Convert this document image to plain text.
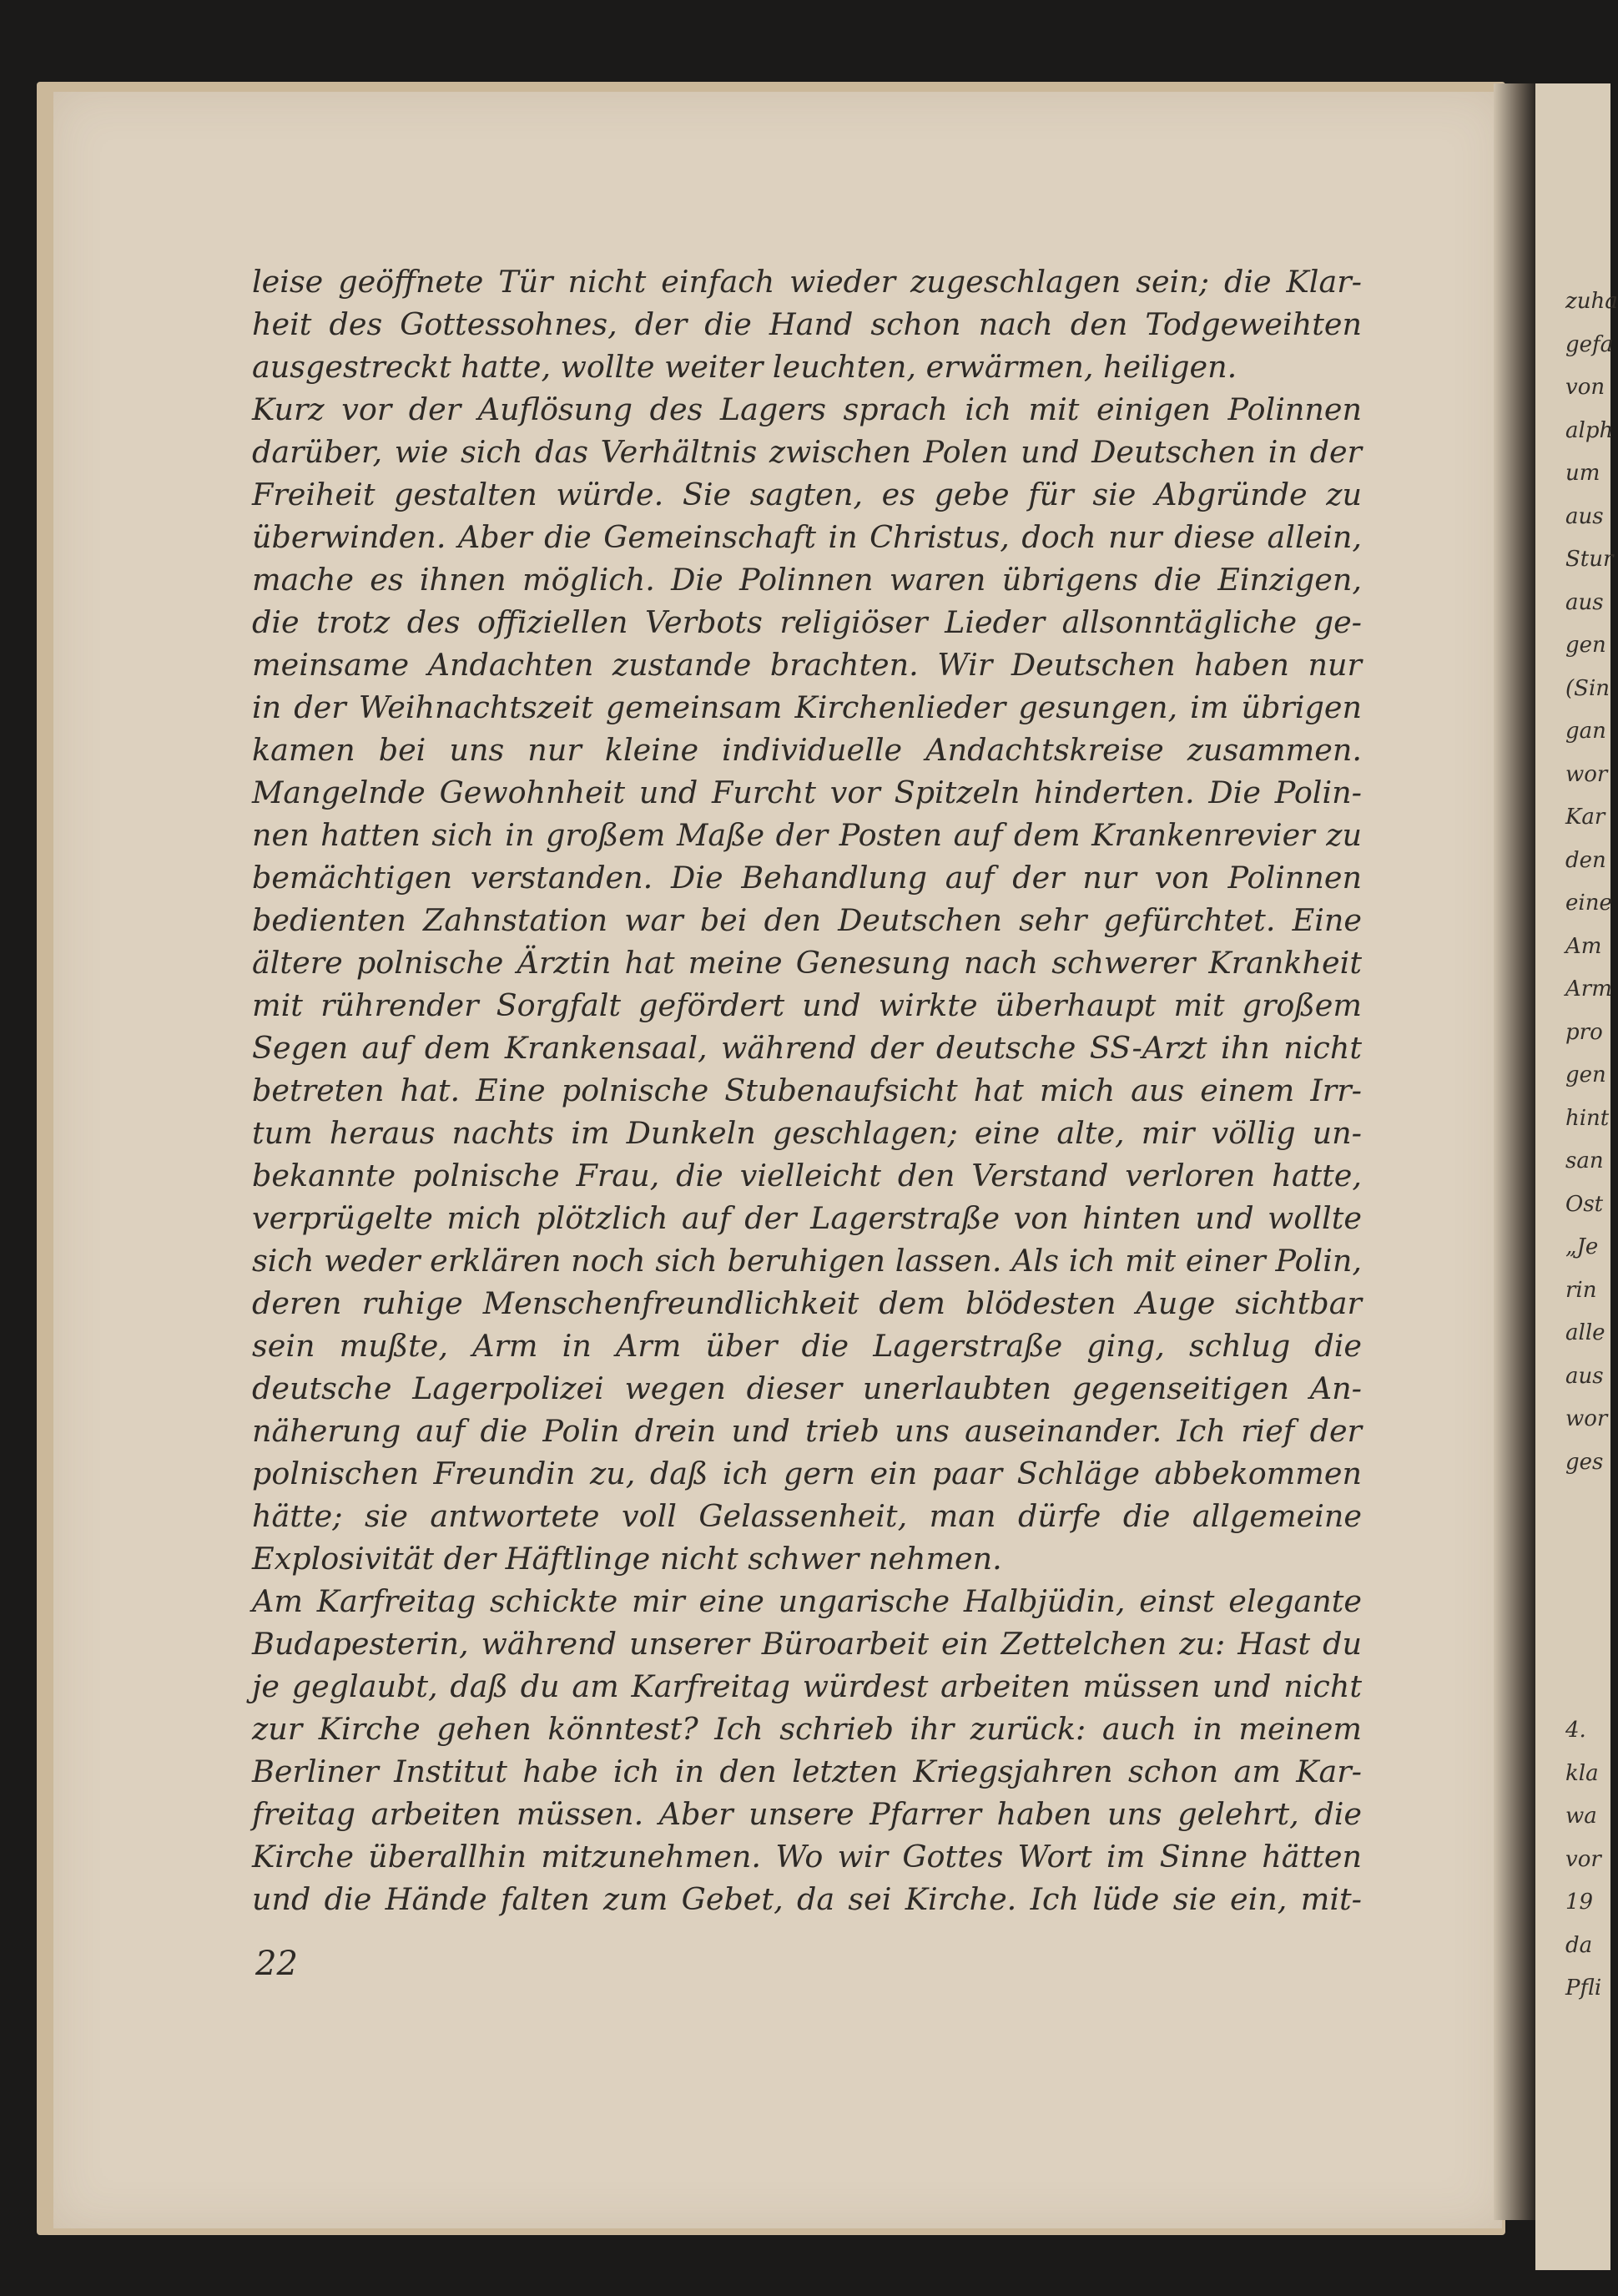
leise geöffnete Tür nicht einfach wieder zugeschlagen sein; die Klar-
heit des Gottessohnes, der die Hand schon nach den Todgeweihten
ausgestreckt hatte, wollte weiter leuchten, erwärmen, heiligen.
Kurz vor der Auflösung des Lagers sprach ich mit einigen Polinnen
darüber, wie sich das Verhältnis zwischen Polen und Deutschen in der
Freiheit gestalten würde. Sie sagten, es gebe für sie Abgründe zu
überwinden. Aber die Gemeinschaft in Christus, doch nur diese allein,
mache es ihnen möglich. Die Polinnen waren übrigens die Einzigen,
die trotz des offiziellen Verbots religiöser Lieder allsonntägliche ge-
meinsame Andachten zustande brachten. Wir Deutschen haben nur
in der Weihnachtszeit gemeinsam Kirchenlieder gesungen, im übrigen
kamen bei uns nur kleine individuelle Andachtskreise zusammen.
Mangelnde Gewohnheit und Furcht vor Spitzeln hinderten. Die Polin-
nen hatten sich in großem Maße der Posten auf dem Krankenrevier zu
bemächtigen verstanden. Die Behandlung auf der nur von Polinnen
bedienten Zahnstation war bei den Deutschen sehr gefürchtet. Eine
ältere polnische Ärztin hat meine Genesung nach schwerer Krankheit
mit rührender Sorgfalt gefördert und wirkte überhaupt mit großem
Segen auf dem Krankensaal, während der deutsche SS-Arzt ihn nicht
betreten hat. Eine polnische Stubenaufsicht hat mich aus einem Irr-
tum heraus nachts im Dunkeln geschlagen; eine alte, mir völlig un-
bekannte polnische Frau, die vielleicht den Verstand verloren hatte,
verprügelte mich plötzlich auf der Lagerstraße von hinten und wollte
sich weder erklären noch sich beruhigen lassen. Als ich mit einer Polin,
deren ruhige Menschenfreundlichkeit dem blödesten Auge sichtbar
sein mußte, Arm in Arm über die Lagerstraße ging, schlug die
deutsche Lagerpolizei wegen dieser unerlaubten gegenseitigen An-
näherung auf die Polin drein und trieb uns auseinander. Ich rief der
polnischen Freundin zu, daß ich gern ein paar Schläge abbekommen
hätte; sie antwortete voll Gelassenheit, man dürfe die allgemeine
Explosivität der Häftlinge nicht schwer nehmen.
Am Karfreitag schickte mir eine ungarische Halbjüdin, einst elegante
Budapesterin, während unserer Büroarbeit ein Zettelchen zu: Hast du
je geglaubt, daß du am Karfreitag würdest arbeiten müssen und nicht
zur Kirche gehen könntest? Ich schrieb ihr zurück: auch in meinem
Berliner Institut habe ich in den letzten Kriegsjahren schon am Kar-
freitag arbeiten müssen. Aber unsere Pfarrer haben uns gelehrt, die
Kirche überallhin mitzunehmen. Wo wir Gottes Wort im Sinne hätten
und die Hände falten zum Gebet, da sei Kirche. Ich lüde sie ein, mit-
22
zuha
gefa
von
alph
um
aus
Stur
aus
gen
(Sin
gan
wor
Kar
den
eine
Am
Arm
pro
gen
hint
san
Ost
„Je
rin
alle
aus
wor
ges
4.
kla
wa
vor
19
da
Pfli
